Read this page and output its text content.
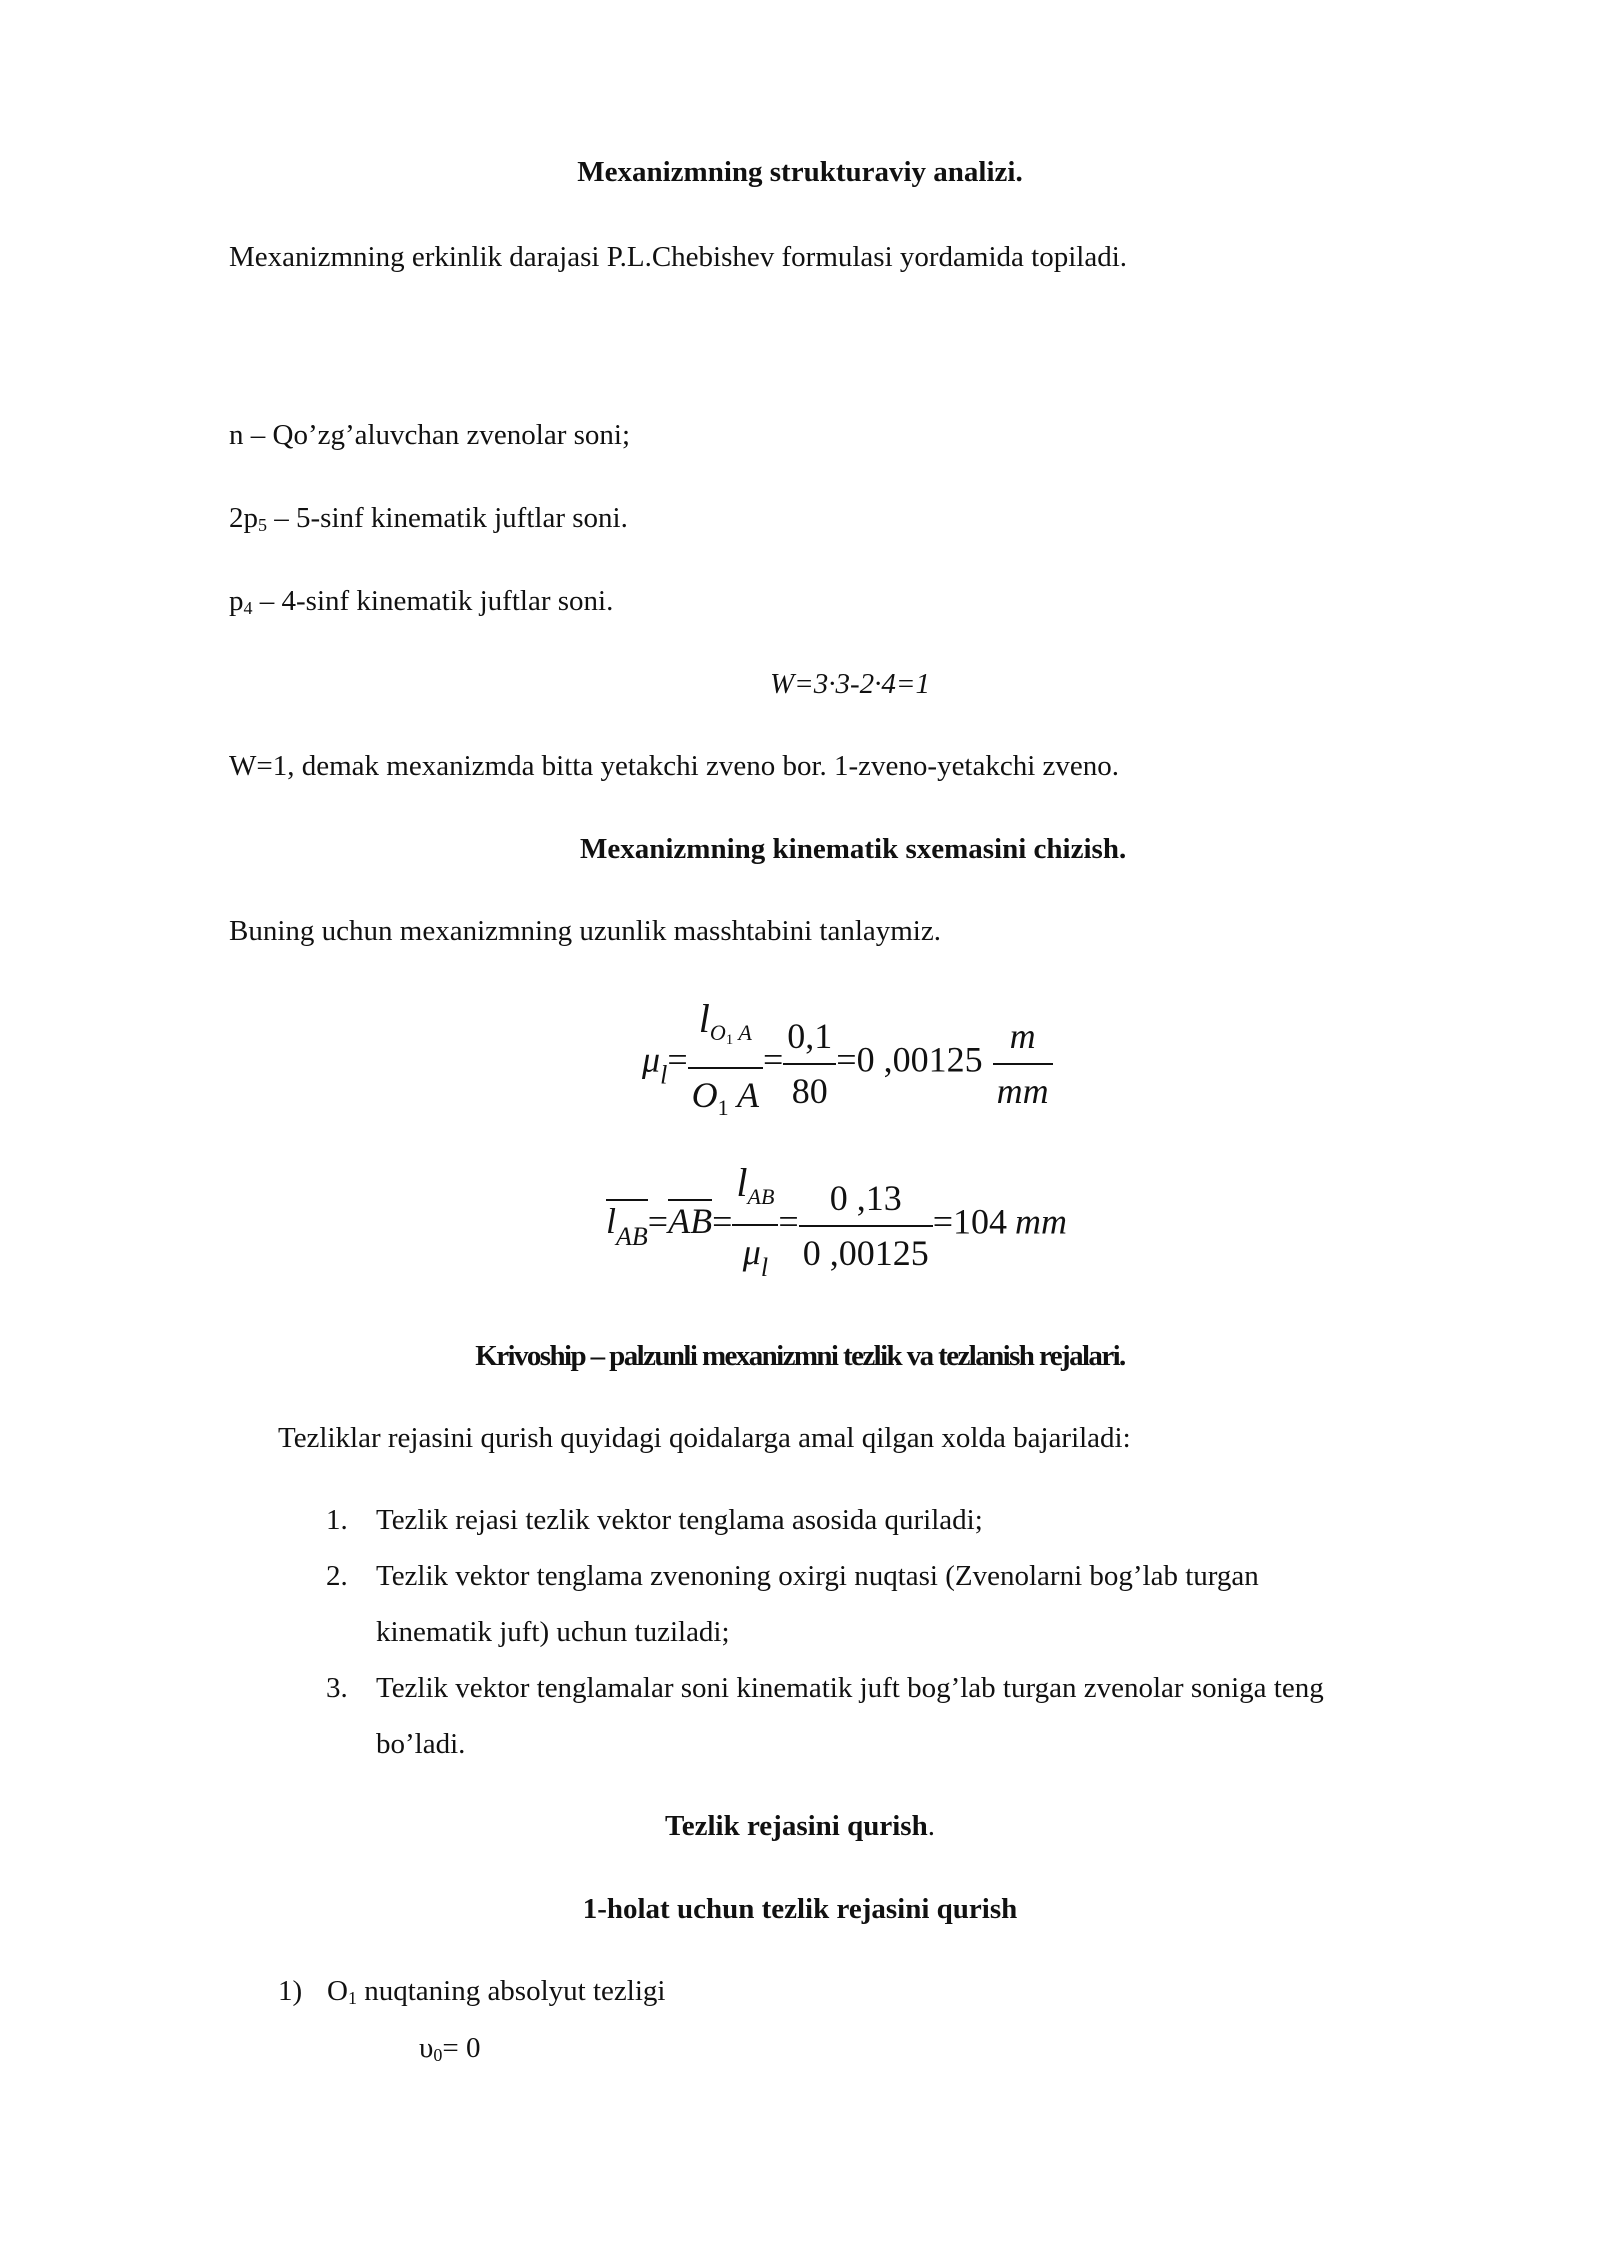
Mexanizmning strukturaviy analizi.
Mexanizmning erkinlik darajasi P.L.Chebishev formulasi yordamida topiladi.
n – Qo’zg’aluvchan zvenolar soni;
$2p_5 - 5-\sin f$ kinematik juftlar soni.
$p_4 - 4-\sin f$ kinematik juftlar soni.
W=3·3-2·4=1
W=1, demak mexanizmda bitta yetakchi zveno bor. 1-zveno-yetakchi zveno.
Mexanizmning kinematik sxemasini chizish.
Buning uchun mexanizmning uzunlik masshtabini tanlaymiz.
$\mu_l= \frac{l_{O1} _A}{O_1 A} = \frac{0,1}{80} =0$ $,00125 \frac{m}{mm}$
$l_{AB}=AB= \frac{l_{AB}}{\mu_l} = \frac{0 ,13}{0 ,00125} =104$ mm
Krivoship – palzunli mexanizmni tezlik va tezlanish rejalari.
Tezliklar rejasini qurish quyidagi qoidalarga amal qilgan xolda bajariladi:
1. Tezlik rejasi tezlik vektor tenglama asosida quriladi;
2. Tezlik vektor tenglama zvenoning oxirgi nuqtasi (Zvenolarni bog’lab turgan
kinematik juft) uchun tuziladi;
3. Tezlik vektor tenglamalar soni kinematik juft bog’lab turgan zvenolar soniga teng
bo’ladi.
Tezlik rejasini qurish.
1-holat uchun tezlik rejasini qurish
1) $O_1$ nuqtaning absolyut tezligi
$\upsilon_0= 0$
